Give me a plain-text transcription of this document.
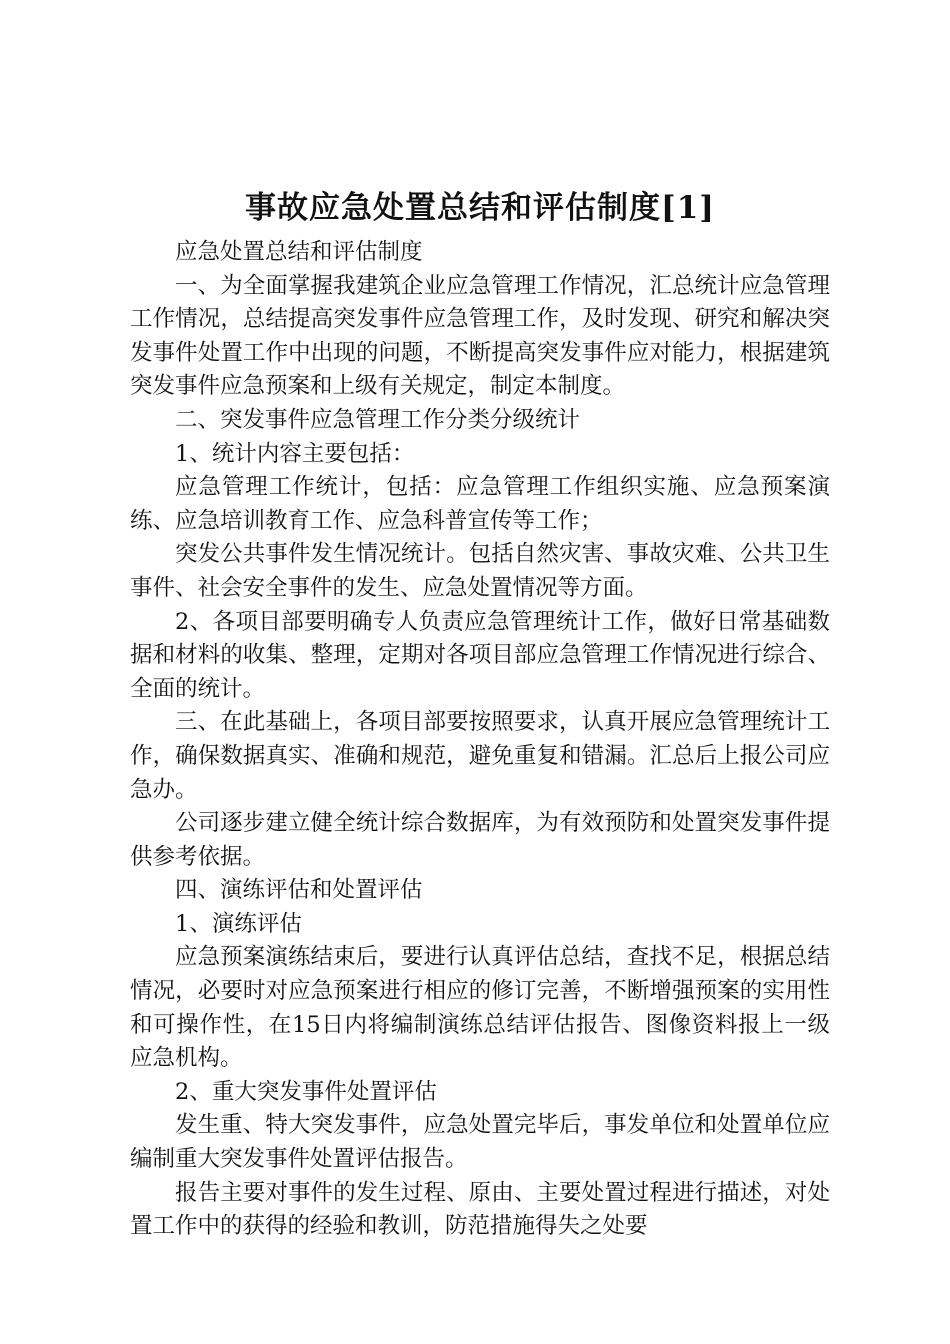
事故应急处置总结和评估制度[1]

应急处置总结和评估制度

一、为全面掌握我建筑企业应急管理工作情况，汇总统计应急管理工作情况，总结提高突发事件应急管理工作，及时发现、研究和解决突发事件处置工作中出现的问题，不断提高突发事件应对能力，根据建筑突发事件应急预案和上级有关规定，制定本制度。

二、突发事件应急管理工作分类分级统计

1、统计内容主要包括：

应急管理工作统计，包括：应急管理工作组织实施、应急预案演练、应急培训教育工作、应急科普宣传等工作；

突发公共事件发生情况统计。包括自然灾害、事故灾难、公共卫生事件、社会安全事件的发生、应急处置情况等方面。

2、各项目部要明确专人负责应急管理统计工作，做好日常基础数据和材料的收集、整理，定期对各项目部应急管理工作情况进行综合、全面的统计。

三、在此基础上，各项目部要按照要求，认真开展应急管理统计工作，确保数据真实、准确和规范，避免重复和错漏。汇总后上报公司应急办。

公司逐步建立健全统计综合数据库，为有效预防和处置突发事件提供参考依据。

四、演练评估和处置评估

1、演练评估

应急预案演练结束后，要进行认真评估总结，查找不足，根据总结情况，必要时对应急预案进行相应的修订完善，不断增强预案的实用性和可操作性，在15日内将编制演练总结评估报告、图像资料报上一级应急机构。

2、重大突发事件处置评估

发生重、特大突发事件，应急处置完毕后，事发单位和处置单位应编制重大突发事件处置评估报告。

报告主要对事件的发生过程、原由、主要处置过程进行描述，对处置工作中的获得的经验和教训，防范措施得失之处要
